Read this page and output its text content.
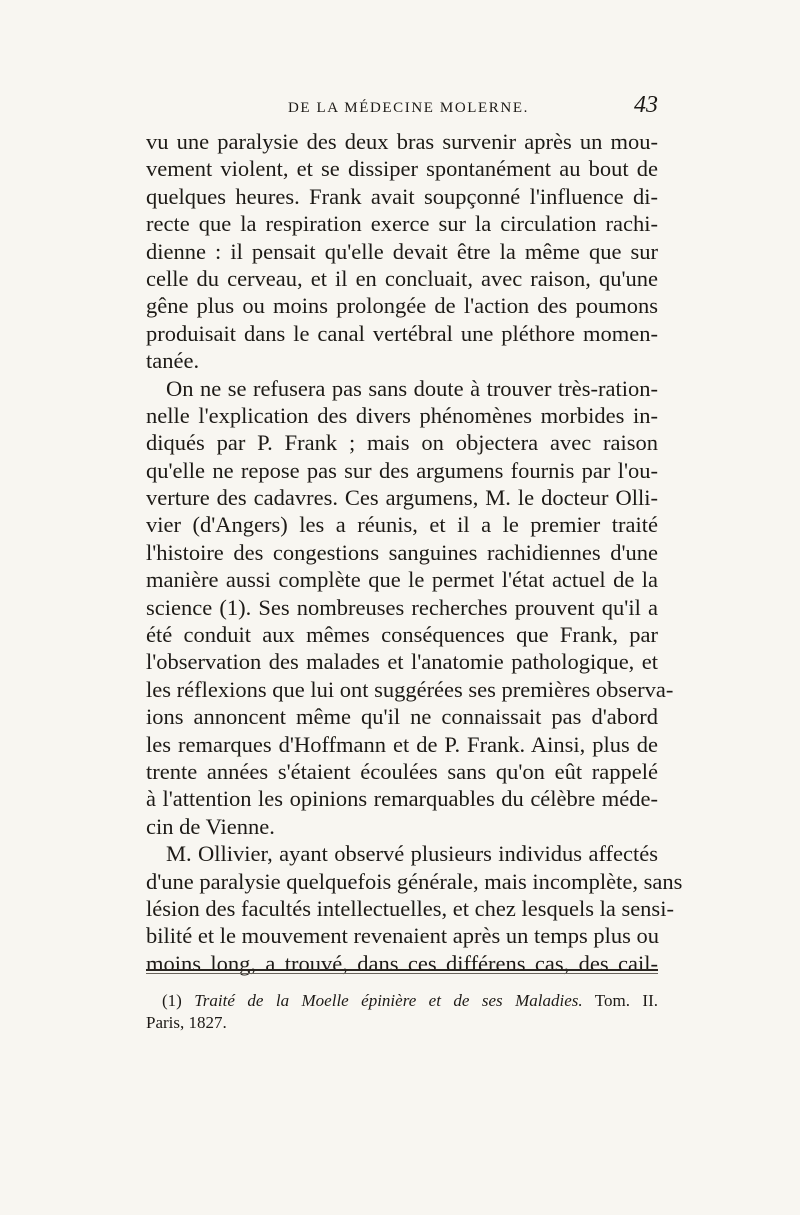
DE LA MÉDECINE MOLERNE.	43
vu une paralysie des deux bras survenir après un mou-
vement violent, et se dissiper spontanément au bout de
quelques heures. Frank avait soupçonné l'influence di-
recte que la respiration exerce sur la circulation rachi-
dienne : il pensait qu'elle devait être la même que sur
celle du cerveau, et il en concluait, avec raison, qu'une
gêne plus ou moins prolongée de l'action des poumons
produisait dans le canal vertébral une pléthore momen-
tanée.
On ne se refusera pas sans doute à trouver très-ration-
nelle l'explication des divers phénomènes morbides in-
diqués par P. Frank ; mais on objectera avec raison
qu'elle ne repose pas sur des argumens fournis par l'ou-
verture des cadavres. Ces argumens, M. le docteur Olli-
vier (d'Angers) les a réunis, et il a le premier traité
l'histoire des congestions sanguines rachidiennes d'une
manière aussi complète que le permet l'état actuel de la
science (1). Ses nombreuses recherches prouvent qu'il a
été conduit aux mêmes conséquences que Frank, par
l'observation des malades et l'anatomie pathologique, et
les réflexions que lui ont suggérées ses premières observa-
ions annoncent même qu'il ne connaissait pas d'abord
les remarques d'Hoffmann et de P. Frank. Ainsi, plus de
trente années s'étaient écoulées sans qu'on eût rappelé
à l'attention les opinions remarquables du célèbre méde-
cin de Vienne.
M. Ollivier, ayant observé plusieurs individus affectés
d'une paralysie quelquefois générale, mais incomplète, sans
lésion des facultés intellectuelles, et chez lesquels la sensi-
bilité et le mouvement revenaient après un temps plus ou
moins long, a trouvé, dans ces différens cas, des cail-
(1) Traité de la Moelle épinière et de ses Maladies. Tom. II.
Paris, 1827.
